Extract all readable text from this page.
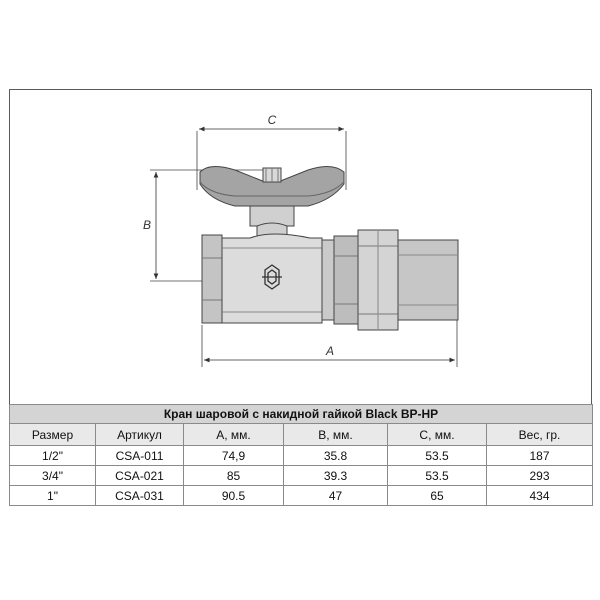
C
B
A
Кран шаровой с накидной гайкой Black BP-HP					
Размер	Артикул	А, мм.	В, мм.	С, мм.	Вес, гр.
1/2"	CSA-011	74,9	35.8	53.5	187
3/4"	CSA-021	85	39.3	53.5	293
1"	CSA-031	90.5	47	65	434
